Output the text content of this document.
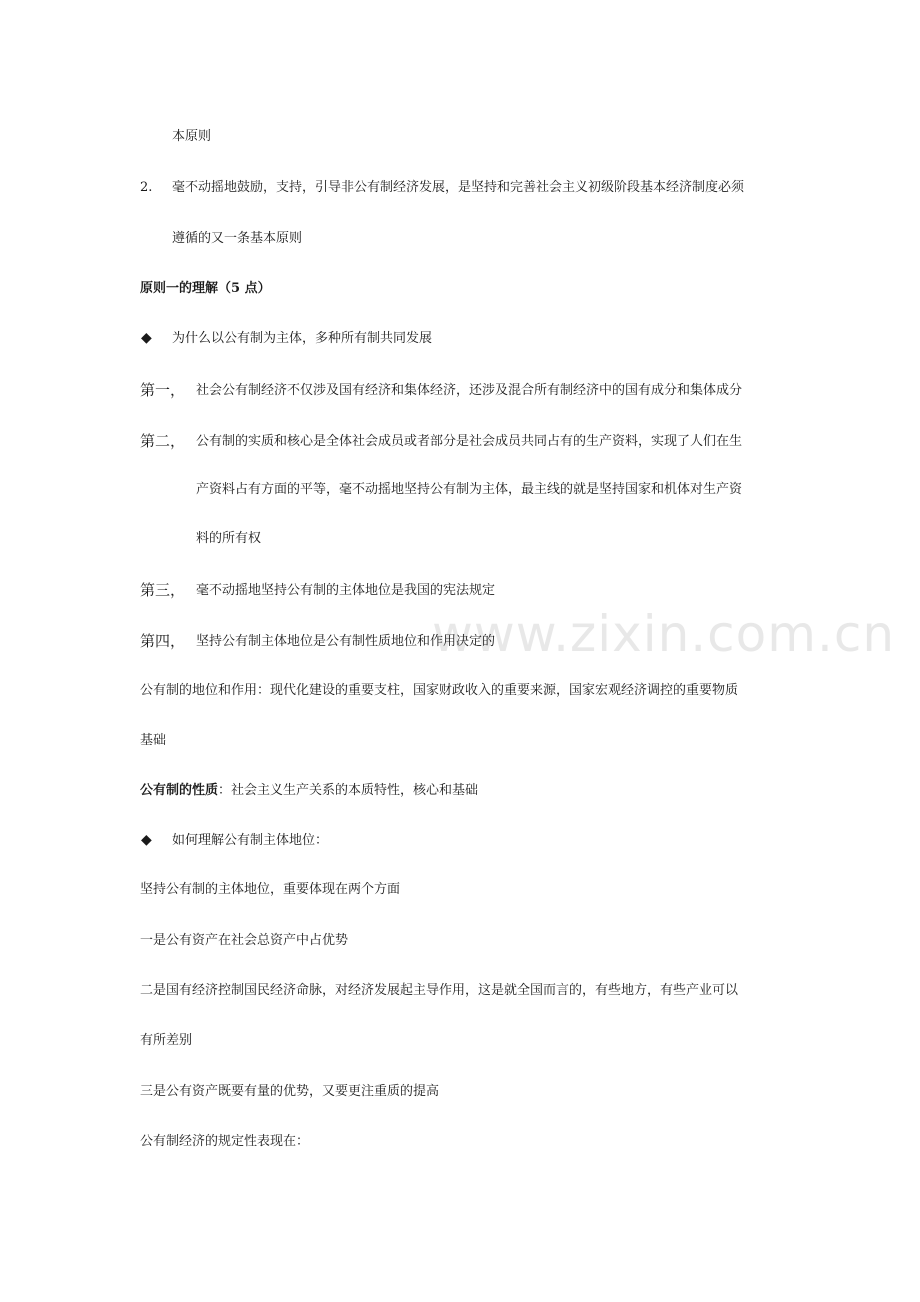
www.zixin.com.cn
本原则
2. 毫不动摇地鼓励，支持，引导非公有制经济发展，是坚持和完善社会主义初级阶段基本经济制度必须
遵循的又一条基本原则
原则一的理解（5 点）
◆ 为什么以公有制为主体，多种所有制共同发展
第一， 社会公有制经济不仅涉及国有经济和集体经济，还涉及混合所有制经济中的国有成分和集体成分
第二， 公有制的实质和核心是全体社会成员或者部分是社会成员共同占有的生产资料，实现了人们在生
产资料占有方面的平等，毫不动摇地坚持公有制为主体，最主线的就是坚持国家和机体对生产资
料的所有权
第三， 毫不动摇地坚持公有制的主体地位是我国的宪法规定
第四， 坚持公有制主体地位是公有制性质地位和作用决定的
公有制的地位和作用：现代化建设的重要支柱，国家财政收入的重要来源，国家宏观经济调控的重要物质
基础
公有制的性质：社会主义生产关系的本质特性，核心和基础
◆ 如何理解公有制主体地位：
坚持公有制的主体地位，重要体现在两个方面
一是公有资产在社会总资产中占优势
二是国有经济控制国民经济命脉，对经济发展起主导作用，这是就全国而言的，有些地方，有些产业可以
有所差别
三是公有资产既要有量的优势，又要更注重质的提高
公有制经济的规定性表现在：
